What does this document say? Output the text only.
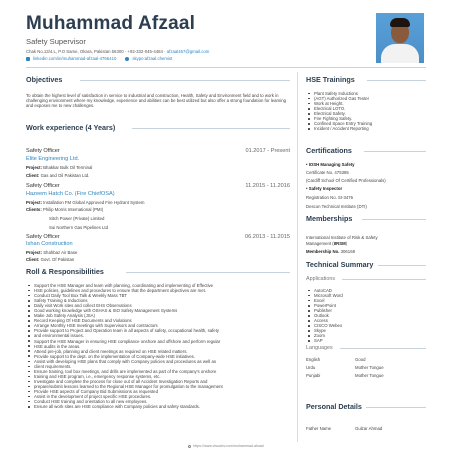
Muhammad Afzaal
Safety Supervisor
Chak No.13/4.L, P.O Same, Okara, Pakistan 56300 · +92-332-045-4484 · afzaal467@gmail.com
linkedin.com/in/muhammad-afzaal-4766410	skype:afzaal.chemist
Objectives
To obtain the highest level of satisfaction in service to industrial and construction, Health, Safety and Environment field and to work in challenging environment where my knowledge, experience and abilities can be best utilized but also offer a strong foundation for learning and exposes me to new challenges.
Work experience (4 Years)
Safety Officer	01.2017 - Present
Elite Engineering Ltd.
Project: Bhakkar Bulk Oil Terminal
Client: Gas and Oil Pakistan Ltd.
Safety Officer	11.2015 - 11.2016
Hazeem Hatch Co. (Fire ChiefOSA)
Project: Installation FM Global Approved Fire Hydrant System
Clients: Philip Morris International (PMI)
Sitch Power (Private) Limited
Sui Northern Gas Pipelines Ltd
Safety Officer	06.2013 - 11.2015
Ishan Construction
Project: Shahbaz Air Base
Client: Govt. Of Pakistan
Roll & Responsibilities
Support the HSE Manager and team with planning, coordinating and implementing of Effective
HSE policies, guidelines and procedures to ensure that the department objectives are met.
Conduct Daily Tool Box Talk & Weekly Mass TBT
Safety Training & Inductions
Daily visit Work sites and collect EHS Observations
Good working knowledge with OSHAS & ISO Safety Management Systems
Make Job Safety Analysis (JSA)
Record Keeping Of HSE Documents and Violations
Arrange Monthly HSE meetings with Supervisors and contractors
Provide support to Project and Operation team in all aspects of safety, occupational health, safety
and environmental issues.
Support the HSE Manager in ensuring HSE compliance onshore and offshore and perform regular
HSE audits in the areas.
Attend pre-job, planning and client meetings as required on HSE related matters.
Provide support to the dept. on the implementation of Company-wide HSE initiatives.
Assist with developing HSE plans that comply with Company policies and procedures as well as
client requirements.
Ensure training, tool box meetings, and drills are implemented as part of the company's onshore
training and HSE program, i.e., emergency response systems, etc.
Investigate and complete the process for close out of all Accident Investigation Reports and
prepare/submit lessons learned to the Regional HSE Manager for promulgation to the management
Provide HSE aspects of Company Bid Submissions as requested
Assist in the development of project specific HSE procedures.
Conduct HSE training and orientation to all new employees.
Ensure all work sites are HSE compliance with Company policies and safety standards.
HSE Trainings
Plant Safety Inductions
(AGT) Authorized Gas Tester
Work at Height.
Electrical LOTO.
Electrical Safety.
Fire Fighting Safety.
Confined Space Entry Training
Incident / Accident Reporting
Certifications
• IOSH Managing Safety
Certificate No. 475385
(Cardiff School Of Certified Professionals)
• Safety Inspector
Registration No. SI-3476
Descon Technical Institute (DTI)
Memberships
International Institute of Risk & Safety
Management (IIRSM)
Membership No. 306168
Technical Summary
Applications
AutoCAD
Microsoft Word
Excel
PowerPoint
Publisher
Outlook
Access
CISCO Webex
Skype
Zoom
SAP
Languages
English	Good
Urdu	Mother Tongue
Punjabi	Mother Tongue
Personal Details
Father Name	Gulzar Ahmad
https://www.visualcv.com/muhammad-afzaal
